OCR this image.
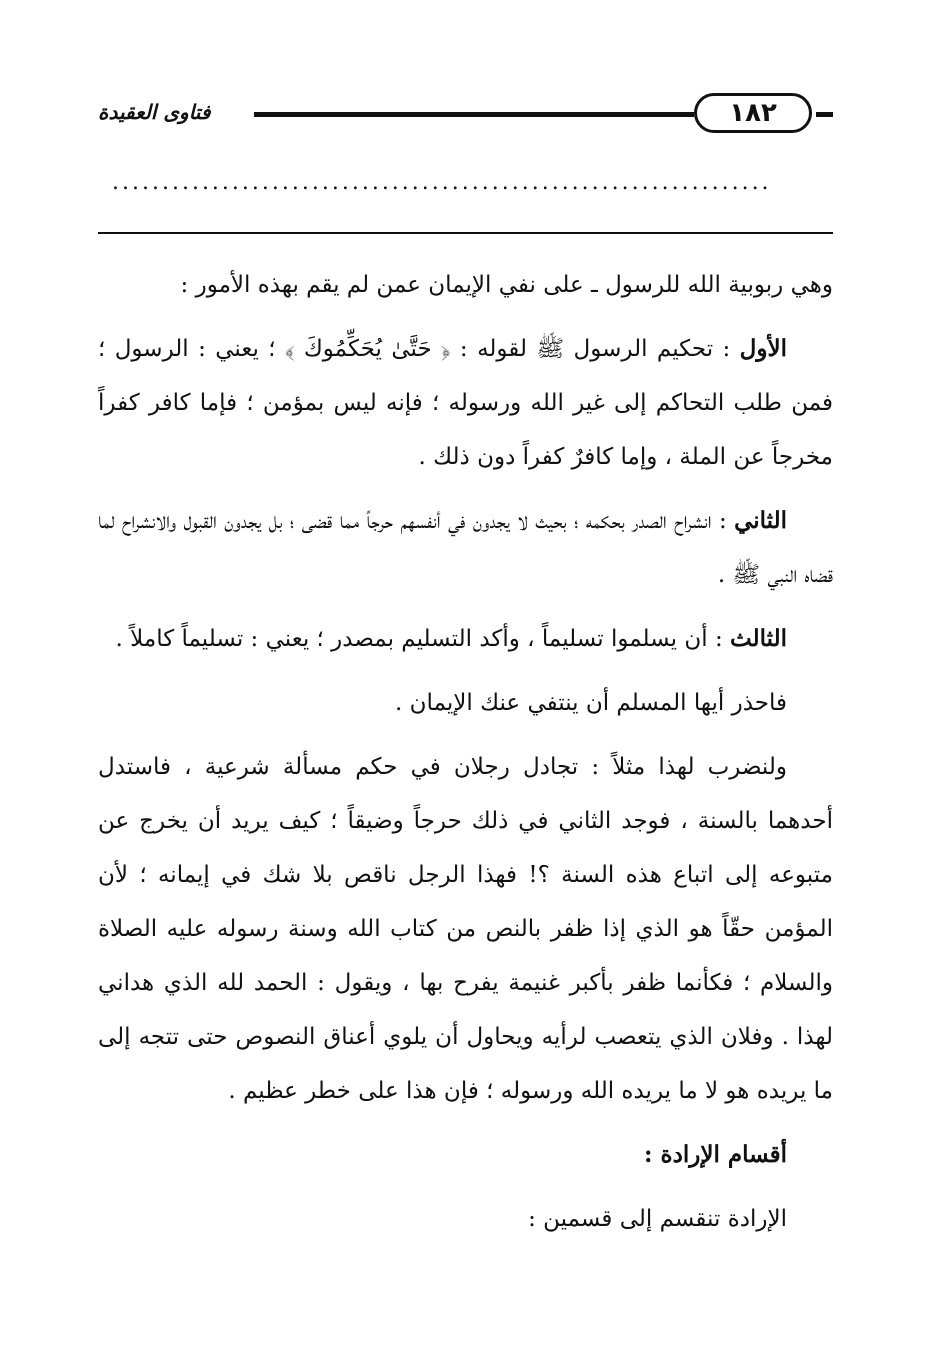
فتاوى العقيدة	١٨٢
..................................................................

وهي ربوبية الله للرسول ـ على نفي الإيمان عمن لم يقم بهذه الأمور :

الأول : تحكيم الرسول ﷺ لقوله : ﴿ حَتَّىٰ يُحَكِّمُوكَ ﴾ ؛ يعني : الرسول ؛ فمن طلب التحاكم إلى غير الله ورسوله ؛ فإنه ليس بمؤمن ؛ فإما كافر كفراً مخرجاً عن الملة ، وإما كافرٌ كفراً دون ذلك .

الثاني : انشراح الصدر بحكمه ؛ بحيث لا يجدون في أنفسهم حرجاً مما قضى ؛ بل يجدون القبول والانشراح لما قضاه النبي ﷺ .

الثالث : أن يسلموا تسليماً ، وأكد التسليم بمصدر ؛ يعني : تسليماً كاملاً .

فاحذر أيها المسلم أن ينتفي عنك الإيمان .

ولنضرب لهذا مثلاً : تجادل رجلان في حكم مسألة شرعية ، فاستدل أحدهما بالسنة ، فوجد الثاني في ذلك حرجاً وضيقاً ؛ كيف يريد أن يخرج عن متبوعه إلى اتباع هذه السنة ؟! فهذا الرجل ناقص بلا شك في إيمانه ؛ لأن المؤمن حقّاً هو الذي إذا ظفر بالنص من كتاب الله وسنة رسوله عليه الصلاة والسلام ؛ فكأنما ظفر بأكبر غنيمة يفرح بها ، ويقول : الحمد لله الذي هداني لهذا . وفلان الذي يتعصب لرأيه ويحاول أن يلوي أعناق النصوص حتى تتجه إلى ما يريده هو لا ما يريده الله ورسوله ؛ فإن هذا على خطر عظيم .

أقسام الإرادة :

الإرادة تنقسم إلى قسمين :
